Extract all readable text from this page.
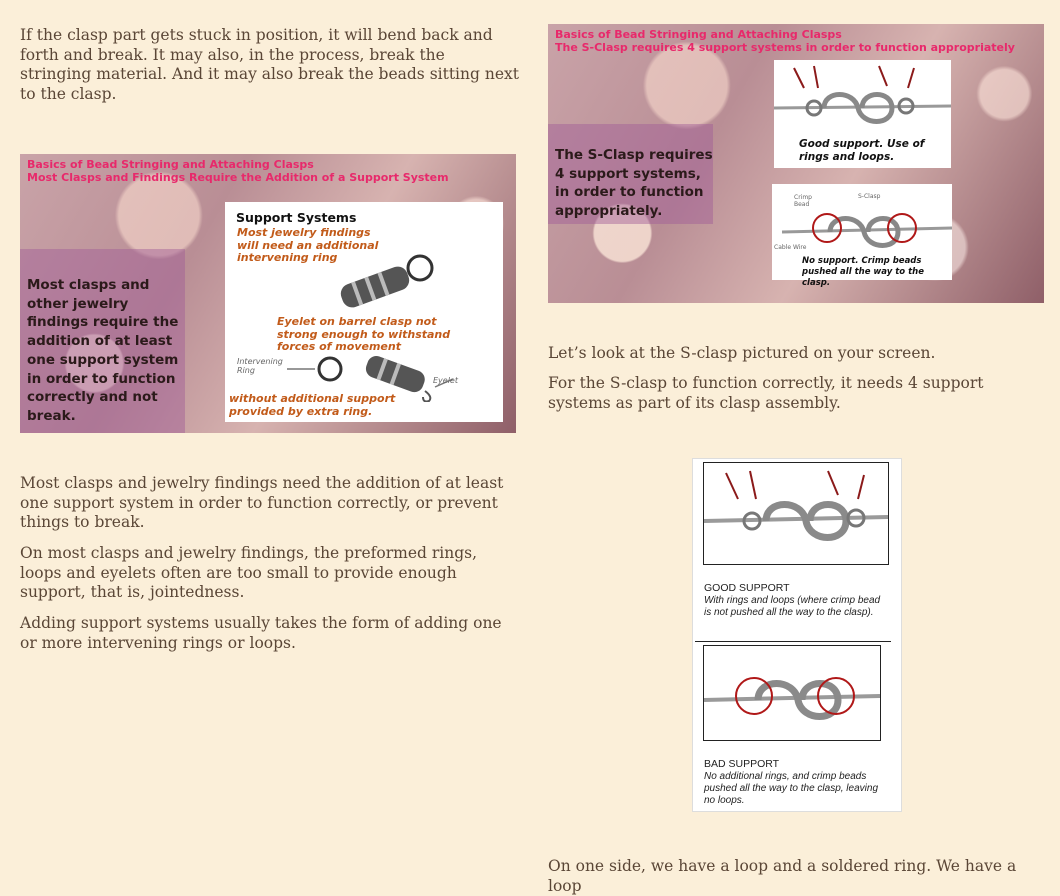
If the clasp part gets stuck in position, it will bend back and forth and break. It may also, in the process, break the stringing material. And it may also break the beads sitting next to the clasp.

Basics of Bead Stringing and Attaching Clasps
Most Clasps and Findings Require the Addition of a Support System
Most clasps and other jewelry findings require the addition of at least one support system in order to function correctly and not break.
Support Systems
Most jewelry findings will need an additional intervening ring
Eyelet on barrel clasp not strong enough to withstand forces of movement
Intervening Ring
Eyelet
without additional support provided by extra ring.

Most clasps and jewelry findings need the addition of at least one support system in order to function correctly, or prevent things to break.

On most clasps and jewelry findings, the preformed rings, loops and eyelets often are too small to provide enough support, that is, jointedness.

Adding support systems usually takes the form of adding one or more intervening rings or loops.

Basics of Bead Stringing and Attaching Clasps
The S-Clasp requires 4 support systems in order to function appropriately
The S-Clasp requires 4 support systems, in order to function appropriately.
Good support. Use of rings and loops.
Crimp Bead
S-Clasp
Cable Wire
No support. Crimp beads pushed all the way to the clasp.

Let’s look at the S-clasp pictured on your screen.

For the S-clasp to function correctly, it needs 4 support systems as part of its clasp assembly.

GOOD SUPPORT
With rings and loops (where crimp bead is not pushed all the way to the clasp).
BAD SUPPORT
No additional rings, and crimp beads pushed all the way to the clasp, leaving no loops.

On one side, we have a loop and a soldered ring. We have a loop
